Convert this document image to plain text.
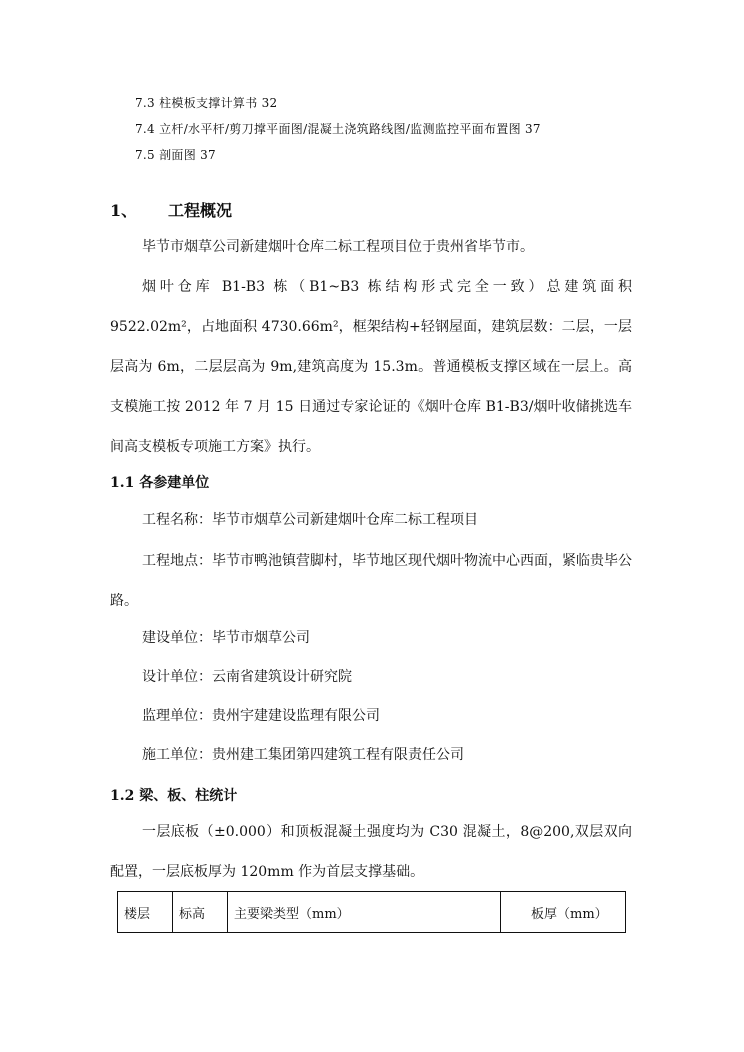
7.3 柱模板支撑计算书 32
7.4 立杆/水平杆/剪刀撑平面图/混凝土浇筑路线图/监测监控平面布置图 37
7.5 剖面图 37
1、 工程概况
毕节市烟草公司新建烟叶仓库二标工程项目位于贵州省毕节市。
烟叶仓库 B1-B3 栋（B1~B3 栋结构形式完全一致）总建筑面积 9522.02m²，占地面积 4730.66m²，框架结构+轻钢屋面，建筑层数：二层，一层层高为 6m，二层层高为 9m,建筑高度为 15.3m。普通模板支撑区域在一层上。高支模施工按 2012 年 7 月 15 日通过专家论证的《烟叶仓库 B1-B3/烟叶收储挑选车间高支模板专项施工方案》执行。
1.1 各参建单位
工程名称：毕节市烟草公司新建烟叶仓库二标工程项目
工程地点：毕节市鸭池镇营脚村，毕节地区现代烟叶物流中心西面，紧临贵毕公路。
建设单位：毕节市烟草公司
设计单位：云南省建筑设计研究院
监理单位：贵州宇建建设监理有限公司
施工单位：贵州建工集团第四建筑工程有限责任公司
1.2 梁、板、柱统计
一层底板（±0.000）和顶板混凝土强度均为 C30 混凝土，8@200,双层双向配置，一层底板厚为 120mm 作为首层支撑基础。
楼层	标高	主要梁类型（mm）	板厚（mm）
